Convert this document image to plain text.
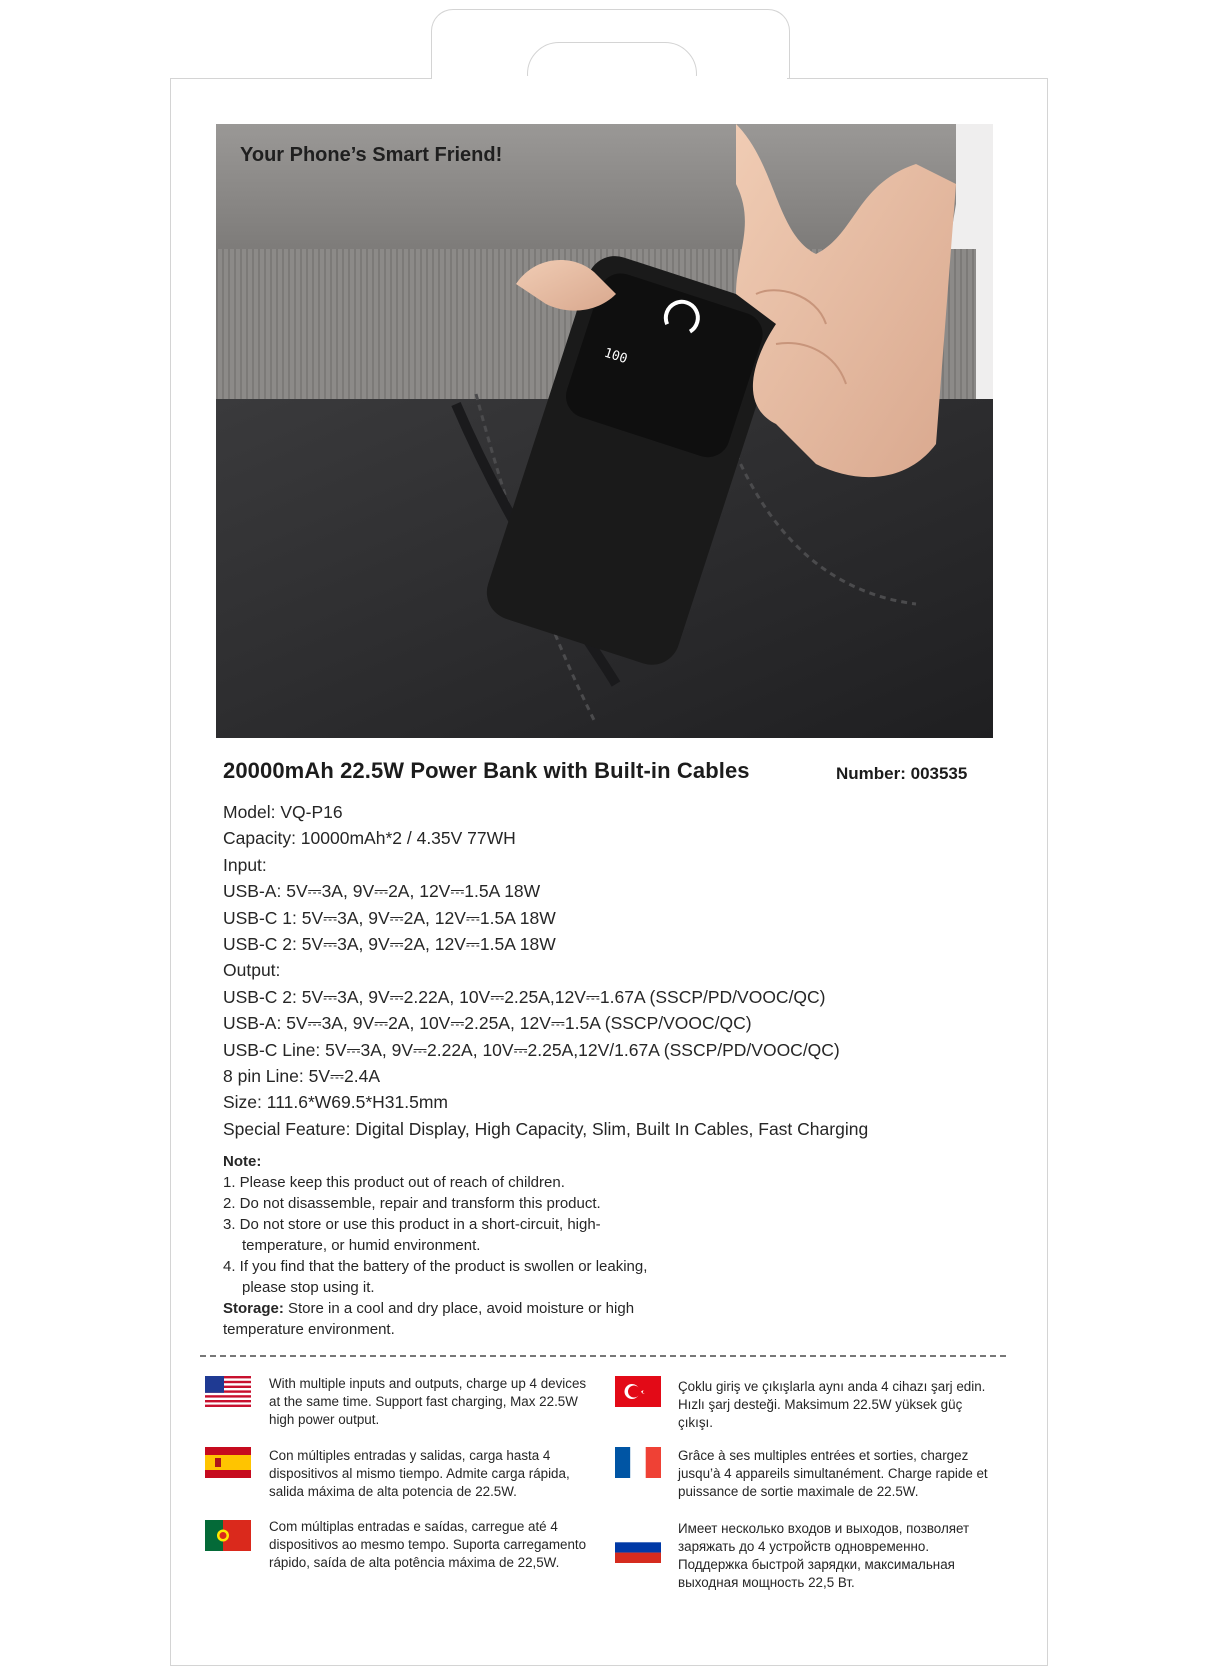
100
Your Phone’s Smart Friend!
20000mAh 22.5W Power Bank with Built-in Cables	Number: 003535
Model: VQ-P16
Capacity: 10000mAh*2 / 4.35V 77WH
Input:
USB-A: 5V⎓3A, 9V⎓2A, 12V⎓1.5A 18W
USB-C 1: 5V⎓3A, 9V⎓2A, 12V⎓1.5A 18W
USB-C 2: 5V⎓3A, 9V⎓2A, 12V⎓1.5A 18W
Output:
USB-C 2: 5V⎓3A, 9V⎓2.22A, 10V⎓2.25A,12V⎓1.67A (SSCP/PD/VOOC/QC)
USB-A: 5V⎓3A, 9V⎓2A, 10V⎓2.25A, 12V⎓1.5A (SSCP/VOOC/QC)
USB-C Line: 5V⎓3A, 9V⎓2.22A, 10V⎓2.25A,12V/1.67A (SSCP/PD/VOOC/QC)
8 pin Line: 5V⎓2.4A
Size: 111.6*W69.5*H31.5mm
Special Feature: Digital Display, High Capacity, Slim, Built In Cables, Fast Charging
Note:
1. Please keep this product out of reach of children.
2. Do not disassemble, repair and transform this product.
3. Do not store or use this product in a short-circuit, high-temperature, or humid environment.
4. If you find that the battery of the product is swollen or leaking, please stop using it.
Storage: Store in a cool and dry place, avoid moisture or high temperature environment.
With multiple inputs and outputs, charge up 4 devices at the same time. Support fast charging, Max 22.5W high power output.
Çoklu giriş ve çıkışlarla aynı anda 4 cihazı şarj edin. Hızlı şarj desteği. Maksimum 22.5W yüksek güç çıkışı.
Con múltiples entradas y salidas, carga hasta 4 dispositivos al mismo tiempo. Admite carga rápida, salida máxima de alta potencia de 22.5W.
Grâce à ses multiples entrées et sorties, chargez jusqu’à 4 appareils simultanément. Charge rapide et puissance de sortie maximale de 22.5W.
Com múltiplas entradas e saídas, carregue até 4 dispositivos ao mesmo tempo. Suporta carregamento rápido, saída de alta potência máxima de 22,5W.
Имеет несколько входов и выходов, позволяет заряжать до 4 устройств одновременно. Поддержка быстрой зарядки, максимальная выходная мощность 22,5 Вт.
